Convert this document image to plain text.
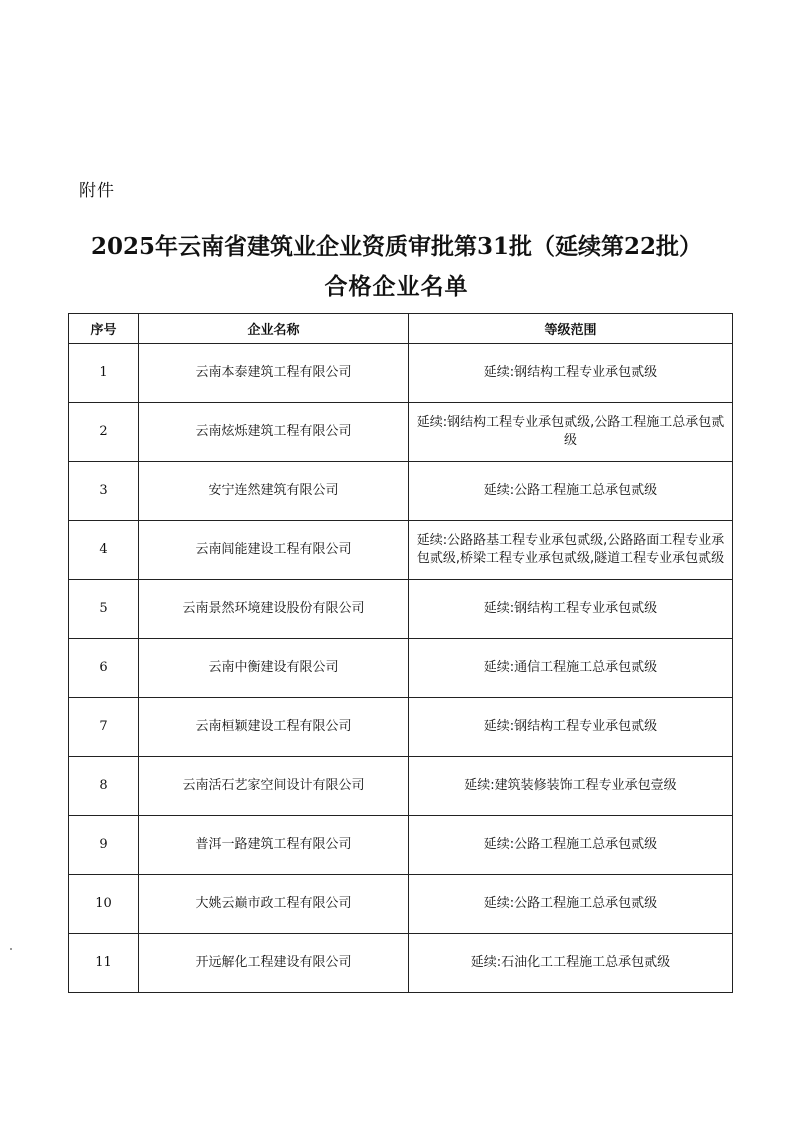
附件
2025年云南省建筑业企业资质审批第31批（延续第22批）
合格企业名单
序号	企业名称	等级范围
1	云南本泰建筑工程有限公司	延续:钢结构工程专业承包贰级
2	云南炫烁建筑工程有限公司	延续:钢结构工程专业承包贰级,公路工程施工总承包贰级
3	安宁连然建筑有限公司	延续:公路工程施工总承包贰级
4	云南闾能建设工程有限公司	延续:公路路基工程专业承包贰级,公路路面工程专业承包贰级,桥梁工程专业承包贰级,隧道工程专业承包贰级
5	云南景然环境建设股份有限公司	延续:钢结构工程专业承包贰级
6	云南中衡建设有限公司	延续:通信工程施工总承包贰级
7	云南桓颖建设工程有限公司	延续:钢结构工程专业承包贰级
8	云南活石艺家空间设计有限公司	延续:建筑装修装饰工程专业承包壹级
9	普洱一路建筑工程有限公司	延续:公路工程施工总承包贰级
10	大姚云巅市政工程有限公司	延续:公路工程施工总承包贰级
11	开远解化工程建设有限公司	延续:石油化工工程施工总承包贰级
